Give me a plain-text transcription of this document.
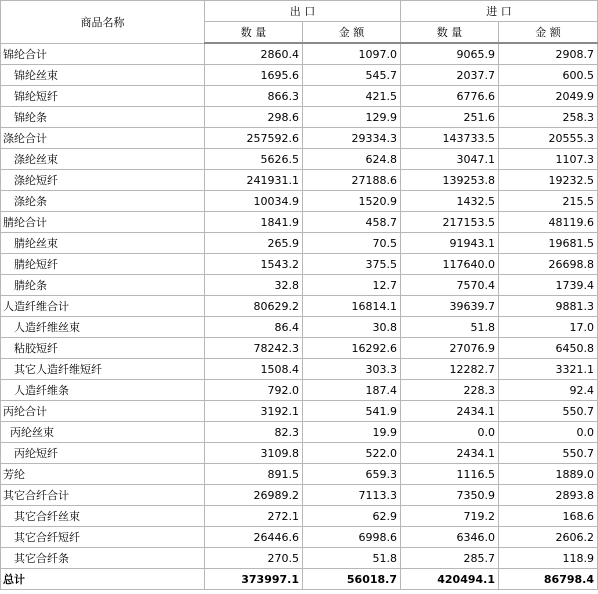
商品名称	出 口		进 口	
	数 量	金 额	数 量	金 额
锦纶合计	2860.4	1097.0	9065.9	2908.7
锦纶丝束	1695.6	545.7	2037.7	600.5
锦纶短纤	866.3	421.5	6776.6	2049.9
锦纶条	298.6	129.9	251.6	258.3
涤纶合计	257592.6	29334.3	143733.5	20555.3
涤纶丝束	5626.5	624.8	3047.1	1107.3
涤纶短纤	241931.1	27188.6	139253.8	19232.5
涤纶条	10034.9	1520.9	1432.5	215.5
腈纶合计	1841.9	458.7	217153.5	48119.6
腈纶丝束	265.9	70.5	91943.1	19681.5
腈纶短纤	1543.2	375.5	117640.0	26698.8
腈纶条	32.8	12.7	7570.4	1739.4
人造纤维合计	80629.2	16814.1	39639.7	9881.3
人造纤维丝束	86.4	30.8	51.8	17.0
粘胶短纤	78242.3	16292.6	27076.9	6450.8
其它人造纤维短纤	1508.4	303.3	12282.7	3321.1
人造纤维条	792.0	187.4	228.3	92.4
丙纶合计	3192.1	541.9	2434.1	550.7
丙纶丝束	82.3	19.9	0.0	0.0
丙纶短纤	3109.8	522.0	2434.1	550.7
芳纶	891.5	659.3	1116.5	1889.0
其它合纤合计	26989.2	7113.3	7350.9	2893.8
其它合纤丝束	272.1	62.9	719.2	168.6
其它合纤短纤	26446.6	6998.6	6346.0	2606.2
其它合纤条	270.5	51.8	285.7	118.9
总计	373997.1	56018.7	420494.1	86798.4
